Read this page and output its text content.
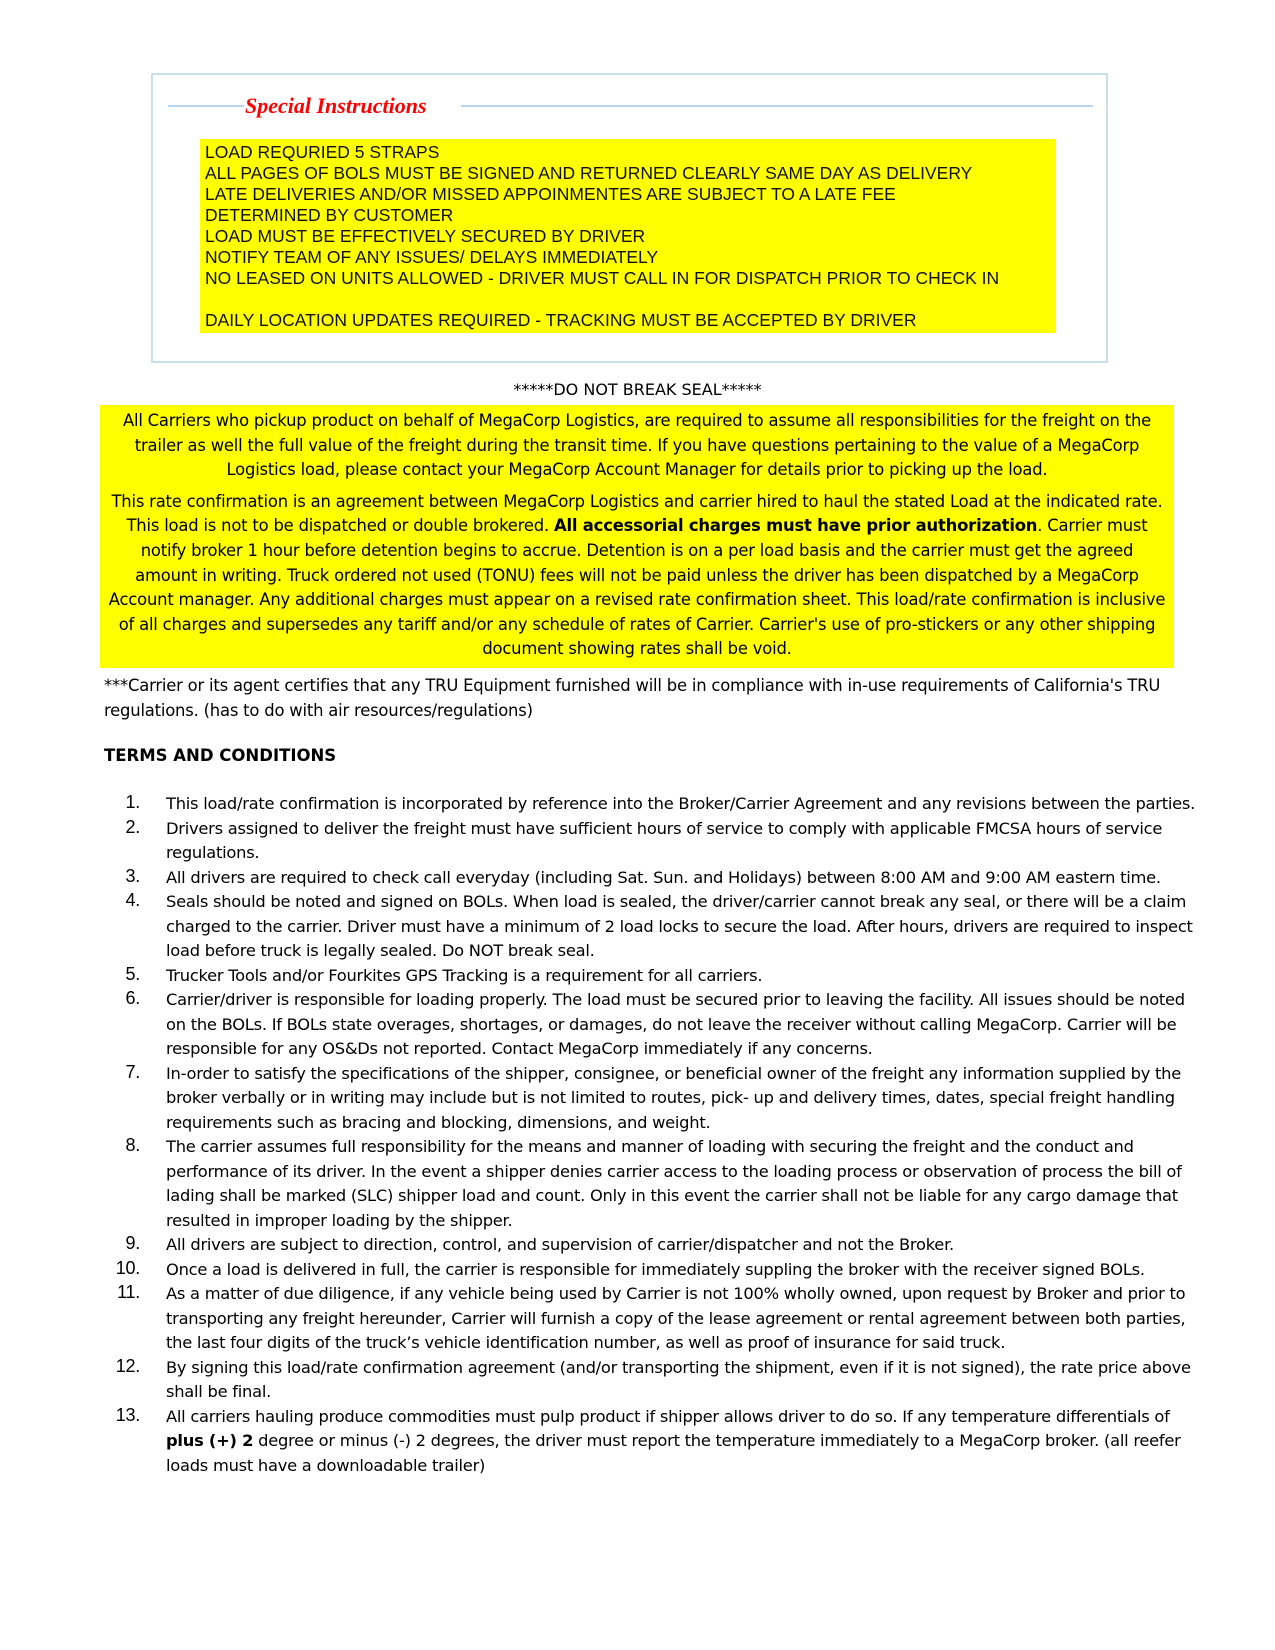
Special Instructions
LOAD REQURIED 5 STRAPS
ALL PAGES OF BOLS MUST BE SIGNED AND RETURNED CLEARLY SAME DAY AS DELIVERY
LATE DELIVERIES AND/OR MISSED APPOINMENTES ARE SUBJECT TO A LATE FEE
DETERMINED BY CUSTOMER
LOAD MUST BE EFFECTIVELY SECURED BY DRIVER
NOTIFY TEAM OF ANY ISSUES/ DELAYS IMMEDIATELY
NO LEASED ON UNITS ALLOWED - DRIVER MUST CALL IN FOR DISPATCH PRIOR TO CHECK IN
DAILY LOCATION UPDATES REQUIRED - TRACKING MUST BE ACCEPTED BY DRIVER
*****DO NOT BREAK SEAL*****

All Carriers who pickup product on behalf of MegaCorp Logistics, are required to assume all responsibilities for the freight on the trailer as well the full value of the freight during the transit time. If you have questions pertaining to the value of a MegaCorp Logistics load, please contact your MegaCorp Account Manager for details prior to picking up the load.

This rate confirmation is an agreement between MegaCorp Logistics and carrier hired to haul the stated Load at the indicated rate. This load is not to be dispatched or double brokered. All accessorial charges must have prior authorization. Carrier must notify broker 1 hour before detention begins to accrue. Detention is on a per load basis and the carrier must get the agreed amount in writing. Truck ordered not used (TONU) fees will not be paid unless the driver has been dispatched by a MegaCorp Account manager. Any additional charges must appear on a revised rate confirmation sheet. This load/rate confirmation is inclusive of all charges and supersedes any tariff and/or any schedule of rates of Carrier. Carrier's use of pro-stickers or any other shipping document showing rates shall be void.

***Carrier or its agent certifies that any TRU Equipment furnished will be in compliance with in-use requirements of California's TRU regulations. (has to do with air resources/regulations)
TERMS AND CONDITIONS
1. This load/rate confirmation is incorporated by reference into the Broker/Carrier Agreement and any revisions between the parties.
2. Drivers assigned to deliver the freight must have sufficient hours of service to comply with applicable FMCSA hours of service regulations.
3. All drivers are required to check call everyday (including Sat. Sun. and Holidays) between 8:00 AM and 9:00 AM eastern time.
4. Seals should be noted and signed on BOLs. When load is sealed, the driver/carrier cannot break any seal, or there will be a claim charged to the carrier. Driver must have a minimum of 2 load locks to secure the load. After hours, drivers are required to inspect load before truck is legally sealed. Do NOT break seal.
5. Trucker Tools and/or Fourkites GPS Tracking is a requirement for all carriers.
6. Carrier/driver is responsible for loading properly. The load must be secured prior to leaving the facility. All issues should be noted on the BOLs. If BOLs state overages, shortages, or damages, do not leave the receiver without calling MegaCorp. Carrier will be responsible for any OS&Ds not reported. Contact MegaCorp immediately if any concerns.
7. In-order to satisfy the specifications of the shipper, consignee, or beneficial owner of the freight any information supplied by the broker verbally or in writing may include but is not limited to routes, pick- up and delivery times, dates, special freight handling requirements such as bracing and blocking, dimensions, and weight.
8. The carrier assumes full responsibility for the means and manner of loading with securing the freight and the conduct and performance of its driver. In the event a shipper denies carrier access to the loading process or observation of process the bill of lading shall be marked (SLC) shipper load and count. Only in this event the carrier shall not be liable for any cargo damage that resulted in improper loading by the shipper.
9. All drivers are subject to direction, control, and supervision of carrier/dispatcher and not the Broker.
10. Once a load is delivered in full, the carrier is responsible for immediately suppling the broker with the receiver signed BOLs.
11. As a matter of due diligence, if any vehicle being used by Carrier is not 100% wholly owned, upon request by Broker and prior to transporting any freight hereunder, Carrier will furnish a copy of the lease agreement or rental agreement between both parties, the last four digits of the truck’s vehicle identification number, as well as proof of insurance for said truck.
12. By signing this load/rate confirmation agreement (and/or transporting the shipment, even if it is not signed), the rate price above shall be final.
13. All carriers hauling produce commodities must pulp product if shipper allows driver to do so. If any temperature differentials of plus (+) 2 degree or minus (-) 2 degrees, the driver must report the temperature immediately to a MegaCorp broker. (all reefer loads must have a downloadable trailer)
